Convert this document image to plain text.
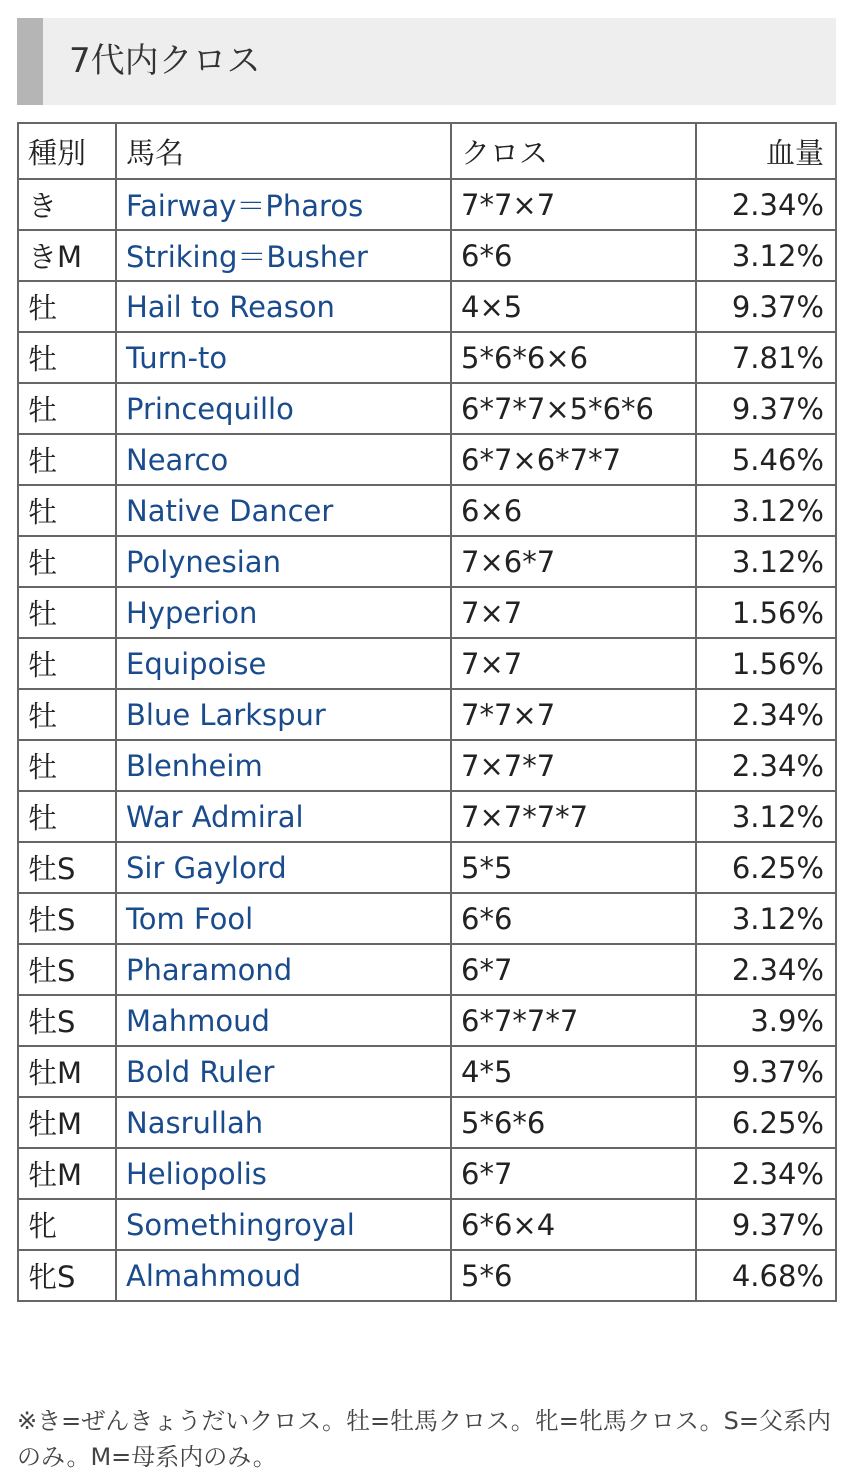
7代内クロス
種別	馬名	クロス	血量
き	Fairway＝Pharos	7*7×7	2.34%
きM	Striking＝Busher	6*6	3.12%
牡	Hail to Reason	4×5	9.37%
牡	Turn-to	5*6*6×6	7.81%
牡	Princequillo	6*7*7×5*6*6	9.37%
牡	Nearco	6*7×6*7*7	5.46%
牡	Native Dancer	6×6	3.12%
牡	Polynesian	7×6*7	3.12%
牡	Hyperion	7×7	1.56%
牡	Equipoise	7×7	1.56%
牡	Blue Larkspur	7*7×7	2.34%
牡	Blenheim	7×7*7	2.34%
牡	War Admiral	7×7*7*7	3.12%
牡S	Sir Gaylord	5*5	6.25%
牡S	Tom Fool	6*6	3.12%
牡S	Pharamond	6*7	2.34%
牡S	Mahmoud	6*7*7*7	3.9%
牡M	Bold Ruler	4*5	9.37%
牡M	Nasrullah	5*6*6	6.25%
牡M	Heliopolis	6*7	2.34%
牝	Somethingroyal	6*6×4	9.37%
牝S	Almahmoud	5*6	4.68%
※き=ぜんきょうだいクロス。牡=牡馬クロス。牝=牝馬クロス。S=父系内のみ。M=母系内のみ。
